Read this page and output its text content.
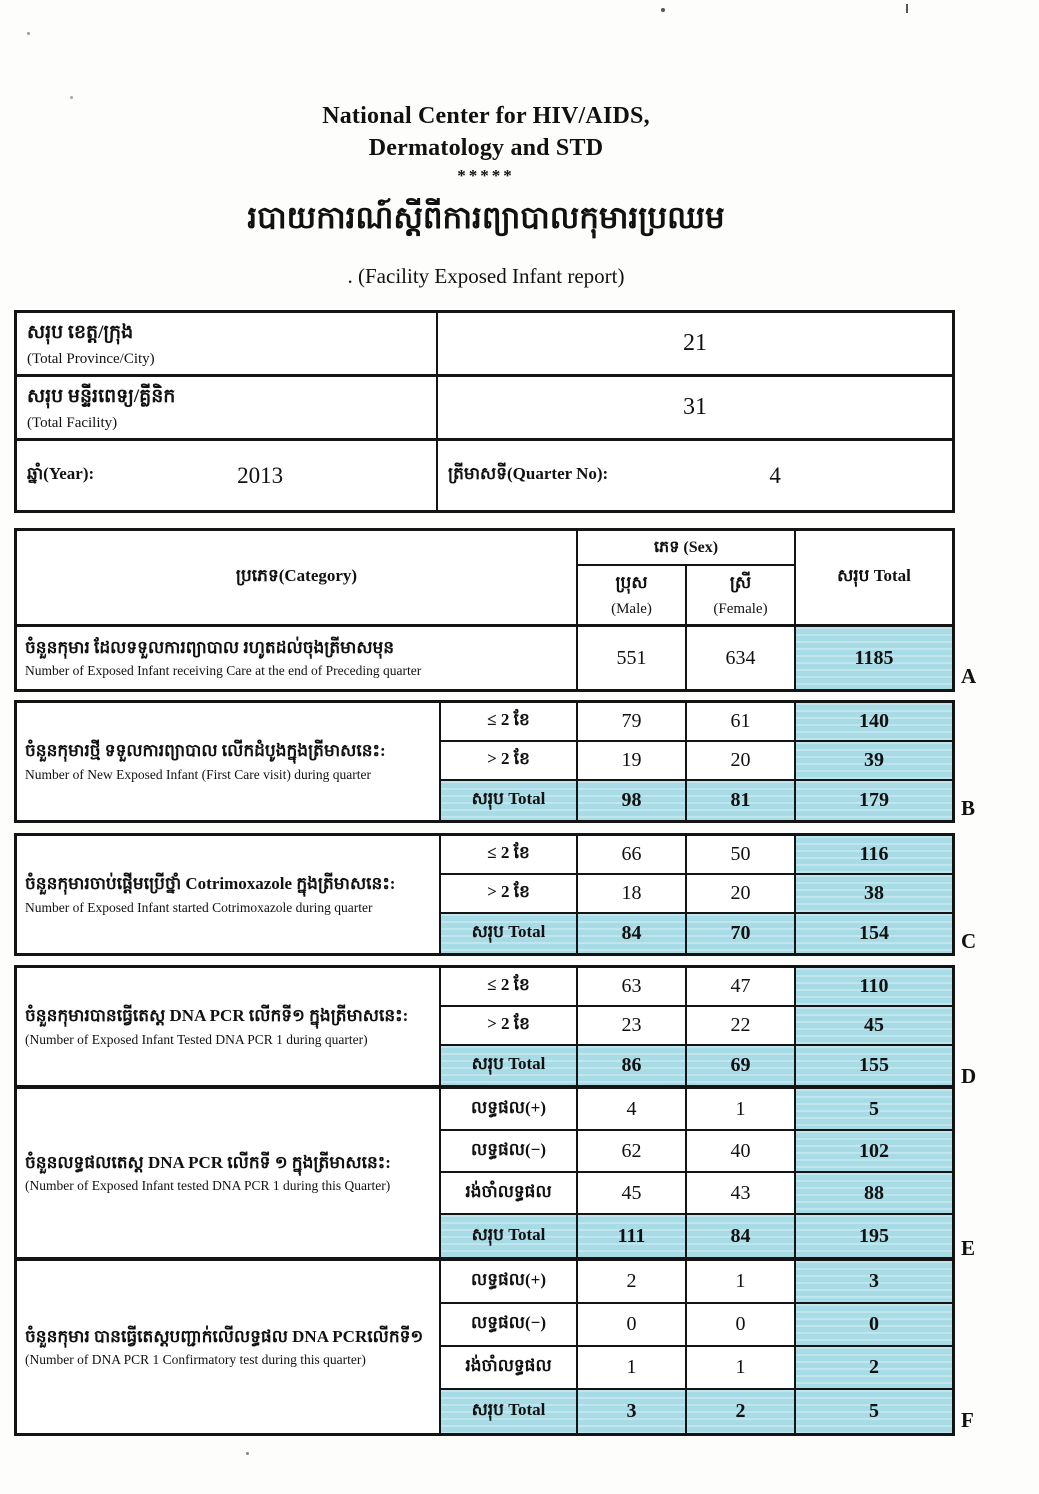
National Center for HIV/AIDS,
Dermatology and STD
*****
របាយការណ៍ស្តីពីការព្យាបាលកុមារប្រឈម
. (Facility Exposed Infant report)
សរុប ខេត្ត/ក្រុង
(Total Province/City)
21
សរុប មន្ទីរពេទ្យ/គ្លីនិក
(Total Facility)
31
ឆ្នាំ(Year):	2013	ត្រីមាសទី(Quarter No):	4
ប្រភេទ(Category)
ភេទ (Sex)
ប្រុស
(Male)
ស្រី
(Female)
សរុប Total
ចំនួនកុមារ ដែលទទួលការព្យាបាល រហូតដល់ចុងត្រីមាសមុន
Number of Exposed Infant receiving Care at the end of Preceding quarter
551	634	1185
A
ចំនួនកុមារថ្មី ទទួលការព្យាបាល លើកដំបូងក្នុងត្រីមាសនេះ:
Number of New Exposed Infant (First Care visit) during quarter
≤ 2 ខែ	79	61	140
> 2 ខែ	19	20	39
សរុប Total	98	81	179	B
ចំនួនកុមារចាប់ផ្តើមប្រើថ្នាំ Cotrimoxazole ក្នុងត្រីមាសនេះ:
Number of Exposed Infant started Cotrimoxazole during quarter
≤ 2 ខែ	66	50	116
> 2 ខែ	18	20	38
សរុប Total	84	70	154	C
ចំនួនកុមារបានធ្វើតេស្ត DNA PCR លើកទី១ ក្នុងត្រីមាសនេះ:
(Number of Exposed Infant Tested DNA PCR 1 during quarter)
≤ 2 ខែ	63	47	110
> 2 ខែ	23	22	45
សរុប Total	86	69	155
ចំនួនលទ្ធផលតេស្ត DNA PCR លើកទី ១ ក្នុងត្រីមាសនេះ:
(Number of Exposed Infant tested DNA PCR 1 during this Quarter)
លទ្ធផល(+)	4	1	5
លទ្ធផល(−)	62	40	102
រង់ចាំលទ្ធផល	45	43	88
សរុប Total	111	84	195
ចំនួនកុមារ បានធ្វើតេស្តបញ្ជាក់លើលទ្ធផល DNA PCRលើកទី១
(Number of DNA PCR 1 Confirmatory test during this quarter)
លទ្ធផល(+)	2	1	3
លទ្ធផល(−)	0	0	0
រង់ចាំលទ្ធផល	1	1	2
សរុប Total	3	2	5
D
E
F
